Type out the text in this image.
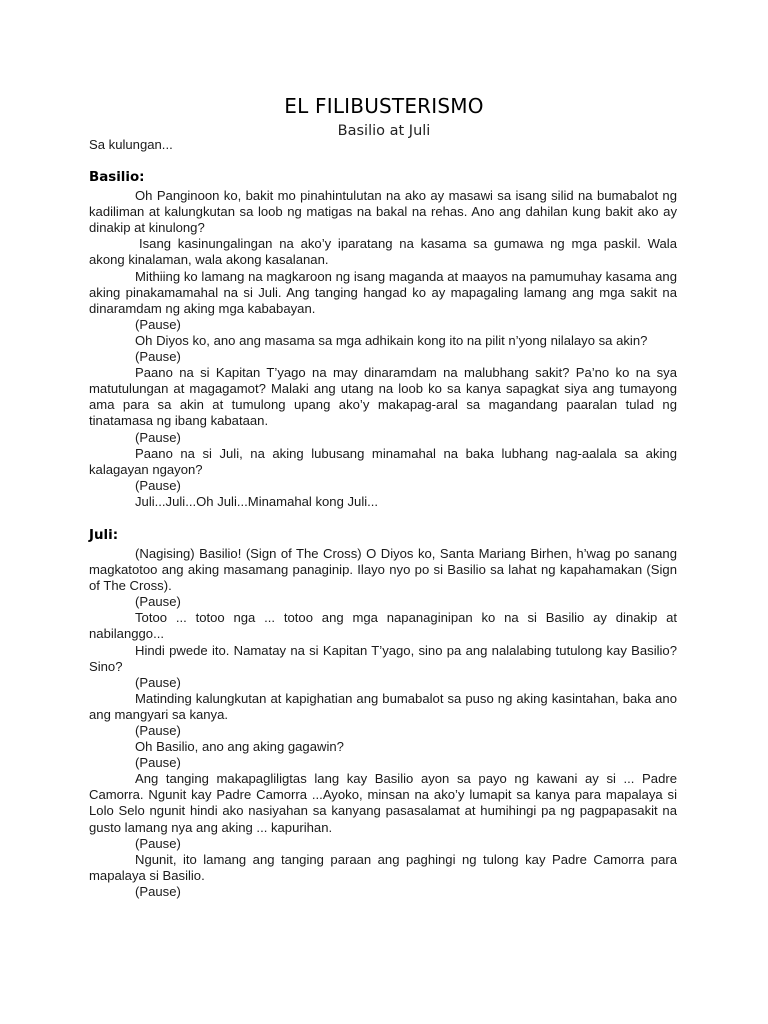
EL FILIBUSTERISMO
Basilio at Juli

Sa kulungan...

Basilio:

Oh Panginoon ko, bakit mo pinahintulutan na ako ay masawi sa isang silid na bumabalot ng kadiliman at kalungkutan sa loob ng matigas na bakal na rehas. Ano ang dahilan kung bakit ako ay dinakip at kinulong?

Isang kasinungalingan na ako’y iparatang na kasama sa gumawa ng mga paskil. Wala akong kinalaman, wala akong kasalanan.

Mithiing ko lamang na magkaroon ng isang maganda at maayos na pamumuhay kasama ang aking pinakamamahal na si Juli. Ang tanging hangad ko ay mapagaling lamang ang mga sakit na dinaramdam ng aking mga kababayan.

(Pause)

Oh Diyos ko, ano ang masama sa mga adhikain kong ito na pilit n’yong nilalayo sa akin?

(Pause)

Paano na si Kapitan T’yago na may dinaramdam na malubhang sakit? Pa’no ko na sya matutulungan at magagamot? Malaki ang utang na loob ko sa kanya sapagkat siya ang tumayong ama para sa akin at tumulong upang ako’y makapag-aral sa magandang paaralan tulad ng tinatamasa ng ibang kabataan.

(Pause)

Paano na si Juli, na aking lubusang minamahal na baka lubhang nag-aalala sa aking kalagayan ngayon?

(Pause)

Juli...Juli...Oh Juli...Minamahal kong Juli...

Juli:

(Nagising) Basilio! (Sign of The Cross) O Diyos ko, Santa Mariang Birhen, h’wag po sanang magkatotoo ang aking masamang panaginip. Ilayo nyo po si Basilio sa lahat ng kapahamakan (Sign of The Cross).

(Pause)

Totoo ... totoo nga ... totoo ang mga napanaginipan ko na si Basilio ay dinakip at nabilanggo...

Hindi pwede ito. Namatay na si Kapitan T’yago, sino pa ang nalalabing tutulong kay Basilio? Sino?

(Pause)

Matinding kalungkutan at kapighatian ang bumabalot sa puso ng aking kasintahan, baka ano ang mangyari sa kanya.

(Pause)

Oh Basilio, ano ang aking gagawin?

(Pause)

Ang tanging makapagliligtas lang kay Basilio ayon sa payo ng kawani ay si ... Padre Camorra. Ngunit kay Padre Camorra ...Ayoko, minsan na ako’y lumapit sa kanya para mapalaya si Lolo Selo ngunit hindi ako nasiyahan sa kanyang pasasalamat at humihingi pa ng pagpapasakit na gusto lamang nya ang aking ... kapurihan.

(Pause)

Ngunit, ito lamang ang tanging paraan ang paghingi ng tulong kay Padre Camorra para mapalaya si Basilio.

(Pause)
